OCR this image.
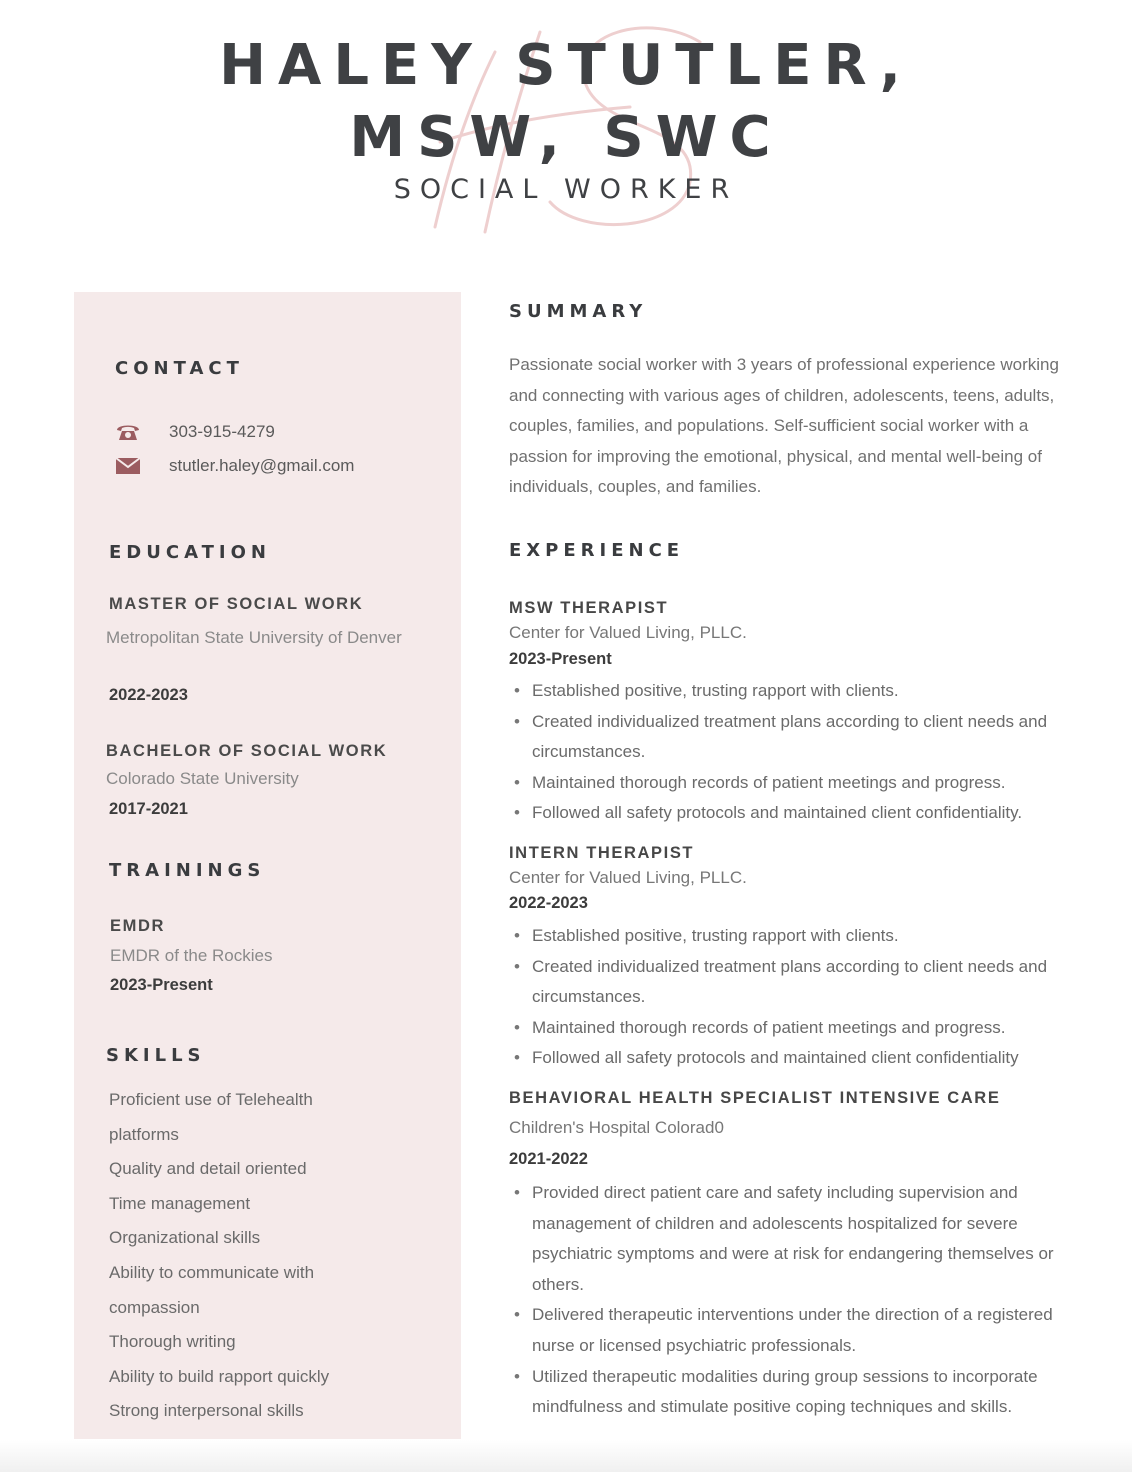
HALEY STUTLER,
MSW, SWC
SOCIAL WORKER
CONTACT
303-915-4279
stutler.haley@gmail.com
EDUCATION
MASTER OF SOCIAL WORK
Metropolitan State University of Denver
2022-2023
BACHELOR OF SOCIAL WORK
Colorado State University
2017-2021
TRAININGS
EMDR
EMDR of the Rockies
2023-Present
SKILLS
Proficient use of Telehealth
platforms
Quality and detail oriented
Time management
Organizational skills
Ability to communicate with
compassion
Thorough writing
Ability to build rapport quickly
Strong interpersonal skills
SUMMARY
Passionate social worker with 3 years of professional experience working and connecting with various ages of children, adolescents, teens, adults, couples, families, and populations. Self-sufficient social worker with a passion for improving the emotional, physical, and mental well-being of individuals, couples, and families.
EXPERIENCE
MSW THERAPIST
Center for Valued Living, PLLC.
2023-Present
• Established positive, trusting rapport with clients.
• Created individualized treatment plans according to client needs and circumstances.
• Maintained thorough records of patient meetings and progress.
• Followed all safety protocols and maintained client confidentiality.
INTERN THERAPIST
Center for Valued Living, PLLC.
2022-2023
• Established positive, trusting rapport with clients.
• Created individualized treatment plans according to client needs and circumstances.
• Maintained thorough records of patient meetings and progress.
• Followed all safety protocols and maintained client confidentiality
BEHAVIORAL HEALTH SPECIALIST INTENSIVE CARE
Children's Hospital Colorad0
2021-2022
• Provided direct patient care and safety including supervision and management of children and adolescents hospitalized for severe psychiatric symptoms and were at risk for endangering themselves or others.
• Delivered therapeutic interventions under the direction of a registered nurse or licensed psychiatric professionals.
• Utilized therapeutic modalities during group sessions to incorporate mindfulness and stimulate positive coping techniques and skills.
